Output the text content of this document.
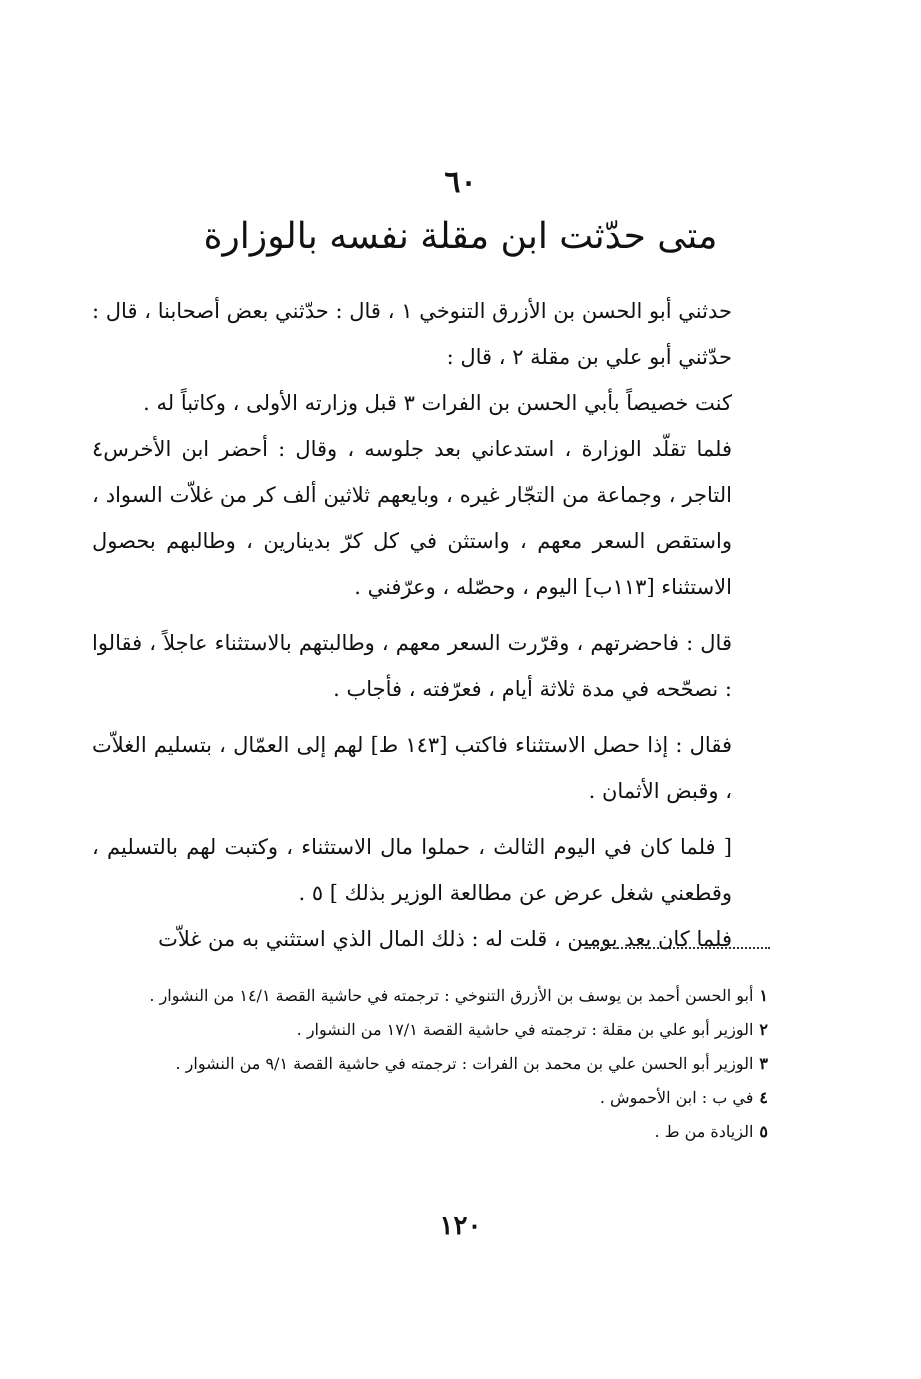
٦٠
متى حدّثت ابن مقلة نفسه بالوزارة

حدثني أبو الحسن بن الأزرق التنوخي ١ ، قال : حدّثني بعض أصحابنا ، قال : حدّثني أبو علي بن مقلة ٢ ، قال :

كنت خصيصاً بأبي الحسن بن الفرات ٣ قبل وزارته الأولى ، وكاتباً له .

فلما تقلّد الوزارة ، استدعاني بعد جلوسه ، وقال : أحضر ابن الأخرس٤ التاجر ، وجماعة من التجّار غيره ، وبايعهم ثلاثين ألف كر من غلاّت السواد ، واستقص السعر معهم ، واستثن في كل كرّ بدينارين ، وطالبهم بحصول الاستثناء [١١٣ب] اليوم ، وحصّله ، وعرّفني .

قال : فاحضرتهم ، وقرّرت السعر معهم ، وطالبتهم بالاستثناء عاجلاً ، فقالوا : نصحّحه في مدة ثلاثة أيام ، فعرّفته ، فأجاب .

فقال : إذا حصل الاستثناء فاكتب [١٤٣ ط] لهم إلى العمّال ، بتسليم الغلاّت ، وقبض الأثمان .

[ فلما كان في اليوم الثالث ، حملوا مال الاستثناء ، وكتبت لهم بالتسليم ، وقطعني شغل عرض عن مطالعة الوزير بذلك ] ٥ .

فلما كان بعد يومين ، قلت له : ذلك المال الذي استثني به من غلاّت

١أبو الحسن أحمد بن يوسف بن الأزرق التنوخي : ترجمته في حاشية القصة ١٤/١ من النشوار .

٢الوزير أبو علي بن مقلة : ترجمته في حاشية القصة ١٧/١ من النشوار .

٣الوزير أبو الحسن علي بن محمد بن الفرات : ترجمته في حاشية القصة ٩/١ من النشوار .

٤في ب : ابن الأحموش .

٥الزيادة من ط .

١٢٠
